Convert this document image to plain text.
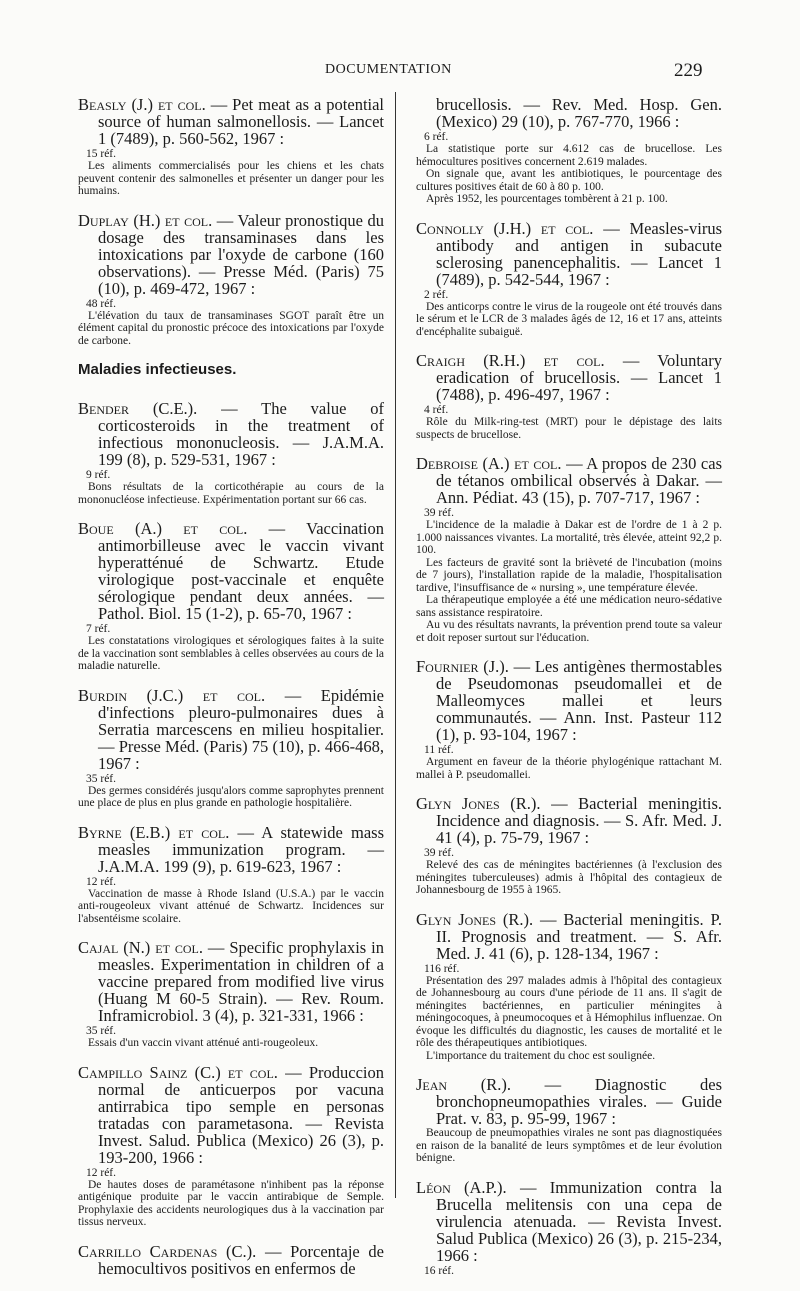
DOCUMENTATION	229
Beasly (J.) et col. — Pet meat as a potential source of human salmonellosis. — Lancet 1 (7489), p. 560-562, 1967 :
15 réf.

Les aliments commercialisés pour les chiens et les chats peuvent contenir des salmonelles et présenter un danger pour les humains.

Duplay (H.) et col. — Valeur pronostique du dosage des transaminases dans les intoxications par l'oxyde de carbone (160 observations). — Presse Méd. (Paris) 75 (10), p. 469-472, 1967 :
48 réf.

L'élévation du taux de transaminases SGOT paraît être un élément capital du pronostic précoce des intoxications par l'oxyde de carbone.

Maladies infectieuses.
Bender (C.E.). — The value of corticosteroids in the treatment of infectious mononucleosis. — J.A.M.A. 199 (8), p. 529-531, 1967 :
9 réf.

Bons résultats de la corticothérapie au cours de la mononucléose infectieuse. Expérimentation portant sur 66 cas.

Boue (A.) et col. — Vaccination antimorbilleuse avec le vaccin vivant hyperatténué de Schwartz. Etude virologique post-vaccinale et enquête sérologique pendant deux années. — Pathol. Biol. 15 (1-2), p. 65-70, 1967 :
7 réf.

Les constatations virologiques et sérologiques faites à la suite de la vaccination sont semblables à celles observées au cours de la maladie naturelle.

Burdin (J.C.) et col. — Epidémie d'infections pleuro-pulmonaires dues à Serratia marcescens en milieu hospitalier. — Presse Méd. (Paris) 75 (10), p. 466-468, 1967 :
35 réf.

Des germes considérés jusqu'alors comme saprophytes prennent une place de plus en plus grande en pathologie hospitalière.

Byrne (E.B.) et col. — A statewide mass measles immunization program. — J.A.M.A. 199 (9), p. 619-623, 1967 :
12 réf.

Vaccination de masse à Rhode Island (U.S.A.) par le vaccin anti-rougeoleux vivant atténué de Schwartz. Incidences sur l'absentéisme scolaire.

Cajal (N.) et col. — Specific prophylaxis in measles. Experimentation in children of a vaccine prepared from modified live virus (Huang M 60-5 Strain). — Rev. Roum. Inframicrobiol. 3 (4), p. 321-331, 1966 :
35 réf.

Essais d'un vaccin vivant atténué anti-rougeoleux.

Campillo Sainz (C.) et col. — Produccion normal de anticuerpos por vacuna antirrabica tipo semple en personas tratadas con parametasona. — Revista Invest. Salud. Publica (Mexico) 26 (3), p. 193-200, 1966 :
12 réf.

De hautes doses de paramétasone n'inhibent pas la réponse antigénique produite par le vaccin antirabique de Semple. Prophylaxie des accidents neurologiques dus à la vaccination par tissus nerveux.

Carrillo Cardenas (C.). — Porcentaje de hemocultivos positivos en enfermos de
brucellosis. — Rev. Med. Hosp. Gen. (Mexico) 29 (10), p. 767-770, 1966 :
6 réf.

La statistique porte sur 4.612 cas de brucellose. Les hémocultures positives concernent 2.619 malades.

On signale que, avant les antibiotiques, le pourcentage des cultures positives était de 60 à 80 p. 100.

Après 1952, les pourcentages tombèrent à 21 p. 100.

Connolly (J.H.) et col. — Measles-virus antibody and antigen in subacute sclerosing panencephalitis. — Lancet 1 (7489), p. 542-544, 1967 :
2 réf.

Des anticorps contre le virus de la rougeole ont été trouvés dans le sérum et le LCR de 3 malades âgés de 12, 16 et 17 ans, atteints d'encéphalite subaiguë.

Craigh (R.H.) et col. — Voluntary eradication of brucellosis. — Lancet 1 (7488), p. 496-497, 1967 :
4 réf.

Rôle du Milk-ring-test (MRT) pour le dépistage des laits suspects de brucellose.

Debroise (A.) et col. — A propos de 230 cas de tétanos ombilical observés à Dakar. — Ann. Pédiat. 43 (15), p. 707-717, 1967 :
39 réf.

L'incidence de la maladie à Dakar est de l'ordre de 1 à 2 p. 1.000 naissances vivantes. La mortalité, très élevée, atteint 92,2 p. 100.

Les facteurs de gravité sont la brièveté de l'incubation (moins de 7 jours), l'installation rapide de la maladie, l'hospitalisation tardive, l'insuffisance de « nursing », une température élevée.

La thérapeutique employée a été une médication neuro-sédative sans assistance respiratoire.

Au vu des résultats navrants, la prévention prend toute sa valeur et doit reposer surtout sur l'éducation.

Fournier (J.). — Les antigènes thermostables de Pseudomonas pseudomallei et de Malleomyces mallei et leurs communautés. — Ann. Inst. Pasteur 112 (1), p. 93-104, 1967 :
11 réf.

Argument en faveur de la théorie phylogénique rattachant M. mallei à P. pseudomallei.

Glyn Jones (R.). — Bacterial meningitis. Incidence and diagnosis. — S. Afr. Med. J. 41 (4), p. 75-79, 1967 :
39 réf.

Relevé des cas de méningites bactériennes (à l'exclusion des méningites tuberculeuses) admis à l'hôpital des contagieux de Johannesbourg de 1955 à 1965.

Glyn Jones (R.). — Bacterial meningitis. P. II. Prognosis and treatment. — S. Afr. Med. J. 41 (6), p. 128-134, 1967 :
116 réf.

Présentation des 297 malades admis à l'hôpital des contagieux de Johannesbourg au cours d'une période de 11 ans. Il s'agit de méningites bactériennes, en particulier méningites à méningocoques, à pneumocoques et à Hémophilus influenzae. On évoque les difficultés du diagnostic, les causes de mortalité et le rôle des thérapeutiques antibiotiques.

L'importance du traitement du choc est soulignée.

Jean (R.). — Diagnostic des bronchopneumopathies virales. — Guide Prat. v. 83, p. 95-99, 1967 :

Beaucoup de pneumopathies virales ne sont pas diagnostiquées en raison de la banalité de leurs symptômes et de leur évolution bénigne.

Léon (A.P.). — Immunization contra la Brucella melitensis con una cepa de virulencia atenuada. — Revista Invest. Salud Publica (Mexico) 26 (3), p. 215-234, 1966 :
16 réf.
